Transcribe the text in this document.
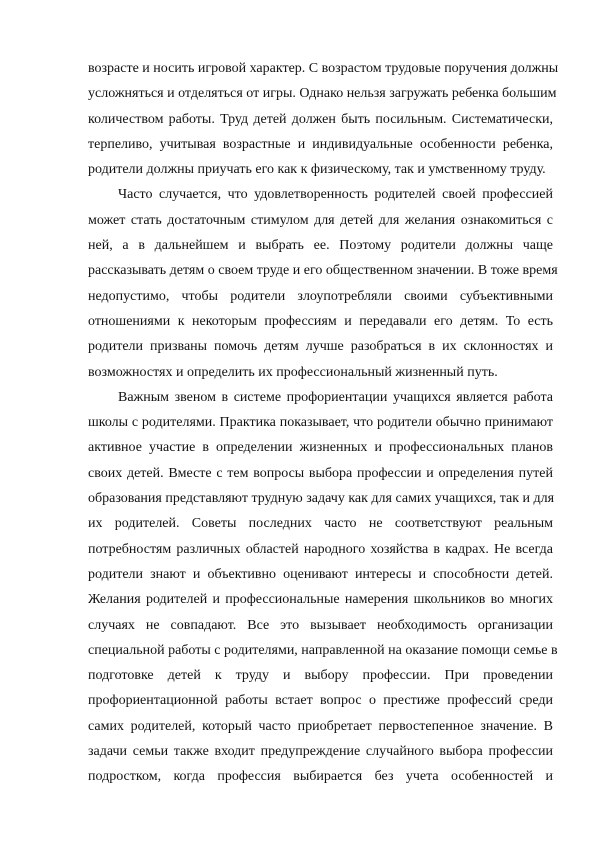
возрасте и носить игровой характер. С возрастом трудовые поручения должны
усложняться и отделяться от игры. Однако нельзя загружать ребенка большим
количеством работы. Труд детей должен быть посильным. Систематически,
терпеливо, учитывая возрастные и индивидуальные особенности ребенка,
родители должны приучать его как к физическому, так и умственному труду.
Часто случается, что удовлетворенность родителей своей профессией
может стать достаточным стимулом для детей для желания ознакомиться с
ней, а в дальнейшем и выбрать ее. Поэтому родители должны чаще
рассказывать детям о своем труде и его общественном значении. В тоже время
недопустимо, чтобы родители злоупотребляли своими субъективными
отношениями к некоторым профессиям и передавали его детям. То есть
родители призваны помочь детям лучше разобраться в их склонностях и
возможностях и определить их профессиональный жизненный путь.
Важным звеном в системе профориентации учащихся является работа
школы с родителями. Практика показывает, что родители обычно принимают
активное участие в определении жизненных и профессиональных планов
своих детей. Вместе с тем вопросы выбора профессии и определения путей
образования представляют трудную задачу как для самих учащихся, так и для
их родителей. Советы последних часто не соответствуют реальным
потребностям различных областей народного хозяйства в кадрах. Не всегда
родители знают и объективно оценивают интересы и способности детей.
Желания родителей и профессиональные намерения школьников во многих
случаях не совпадают. Все это вызывает необходимость организации
специальной работы с родителями, направленной на оказание помощи семье в
подготовке детей к труду и выбору профессии. При проведении
профориентационной работы встает вопрос о престиже профессий среди
самих родителей, который часто приобретает первостепенное значение. В
задачи семьи также входит предупреждение случайного выбора профессии
подростком, когда профессия выбирается без учета особенностей и
